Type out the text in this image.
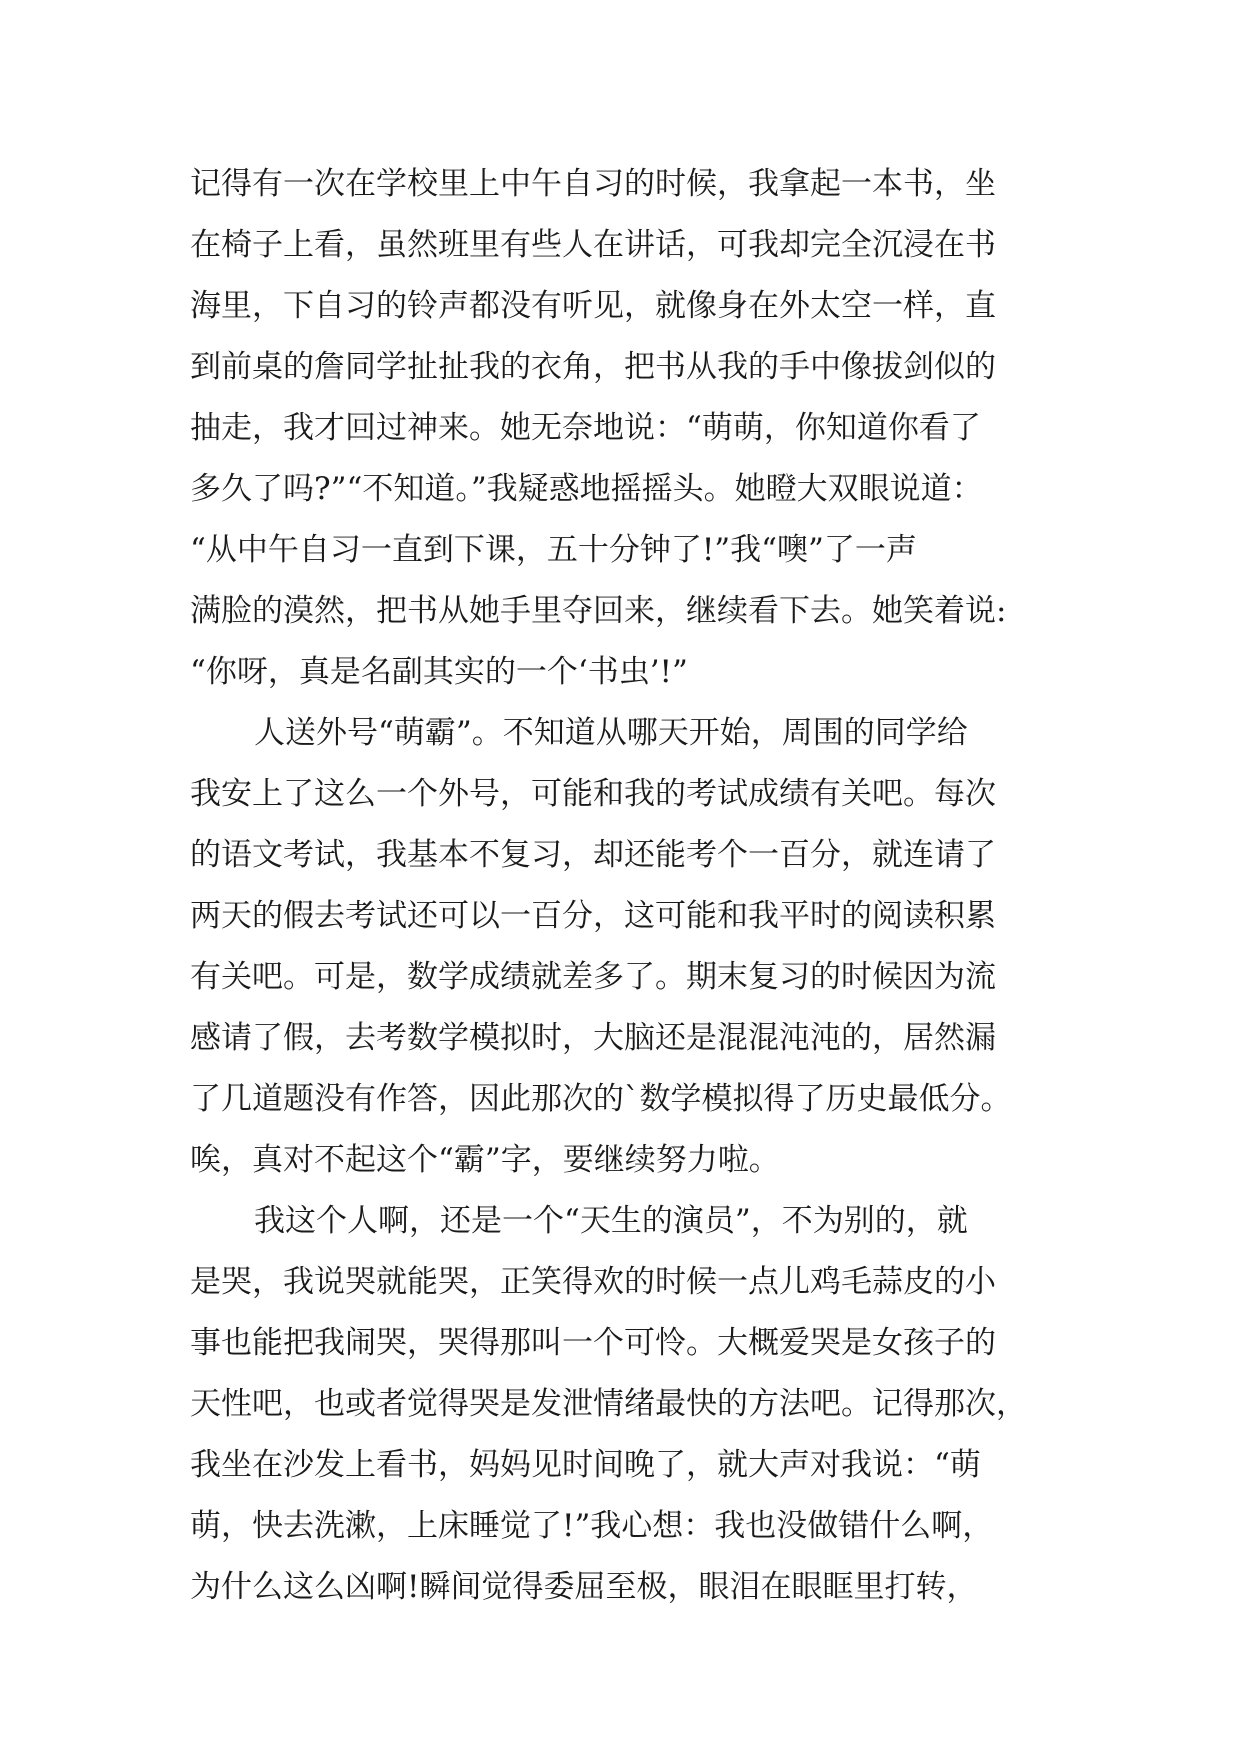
记得有一次在学校里上中午自习的时候，我拿起一本书，坐
在椅子上看，虽然班里有些人在讲话，可我却完全沉浸在书
海里，下自习的铃声都没有听见，就像身在外太空一样，直
到前桌的詹同学扯扯我的衣角，把书从我的手中像拔剑似的
抽走，我才回过神来。她无奈地说：“萌萌，你知道你看了
多久了吗?”“不知道。”我疑惑地摇摇头。她瞪大双眼说道：
“从中午自习一直到下课，五十分钟了!”我“噢”了一声
满脸的漠然，把书从她手里夺回来，继续看下去。她笑着说:
“你呀，真是名副其实的一个‘书虫’!”
人送外号“萌霸”。不知道从哪天开始，周围的同学给
我安上了这么一个外号，可能和我的考试成绩有关吧。每次
的语文考试，我基本不复习，却还能考个一百分，就连请了
两天的假去考试还可以一百分，这可能和我平时的阅读积累
有关吧。可是，数学成绩就差多了。期末复习的时候因为流
感请了假，去考数学模拟时，大脑还是混混沌沌的，居然漏
了几道题没有作答，因此那次的`数学模拟得了历史最低分。
唉，真对不起这个“霸”字，要继续努力啦。
我这个人啊，还是一个“天生的演员”，不为别的，就
是哭，我说哭就能哭，正笑得欢的时候一点儿鸡毛蒜皮的小
事也能把我闹哭，哭得那叫一个可怜。大概爱哭是女孩子的
天性吧，也或者觉得哭是发泄情绪最快的方法吧。记得那次，
我坐在沙发上看书，妈妈见时间晚了，就大声对我说：“萌
萌，快去洗漱，上床睡觉了!”我心想：我也没做错什么啊，
为什么这么凶啊!瞬间觉得委屈至极，眼泪在眼眶里打转，
